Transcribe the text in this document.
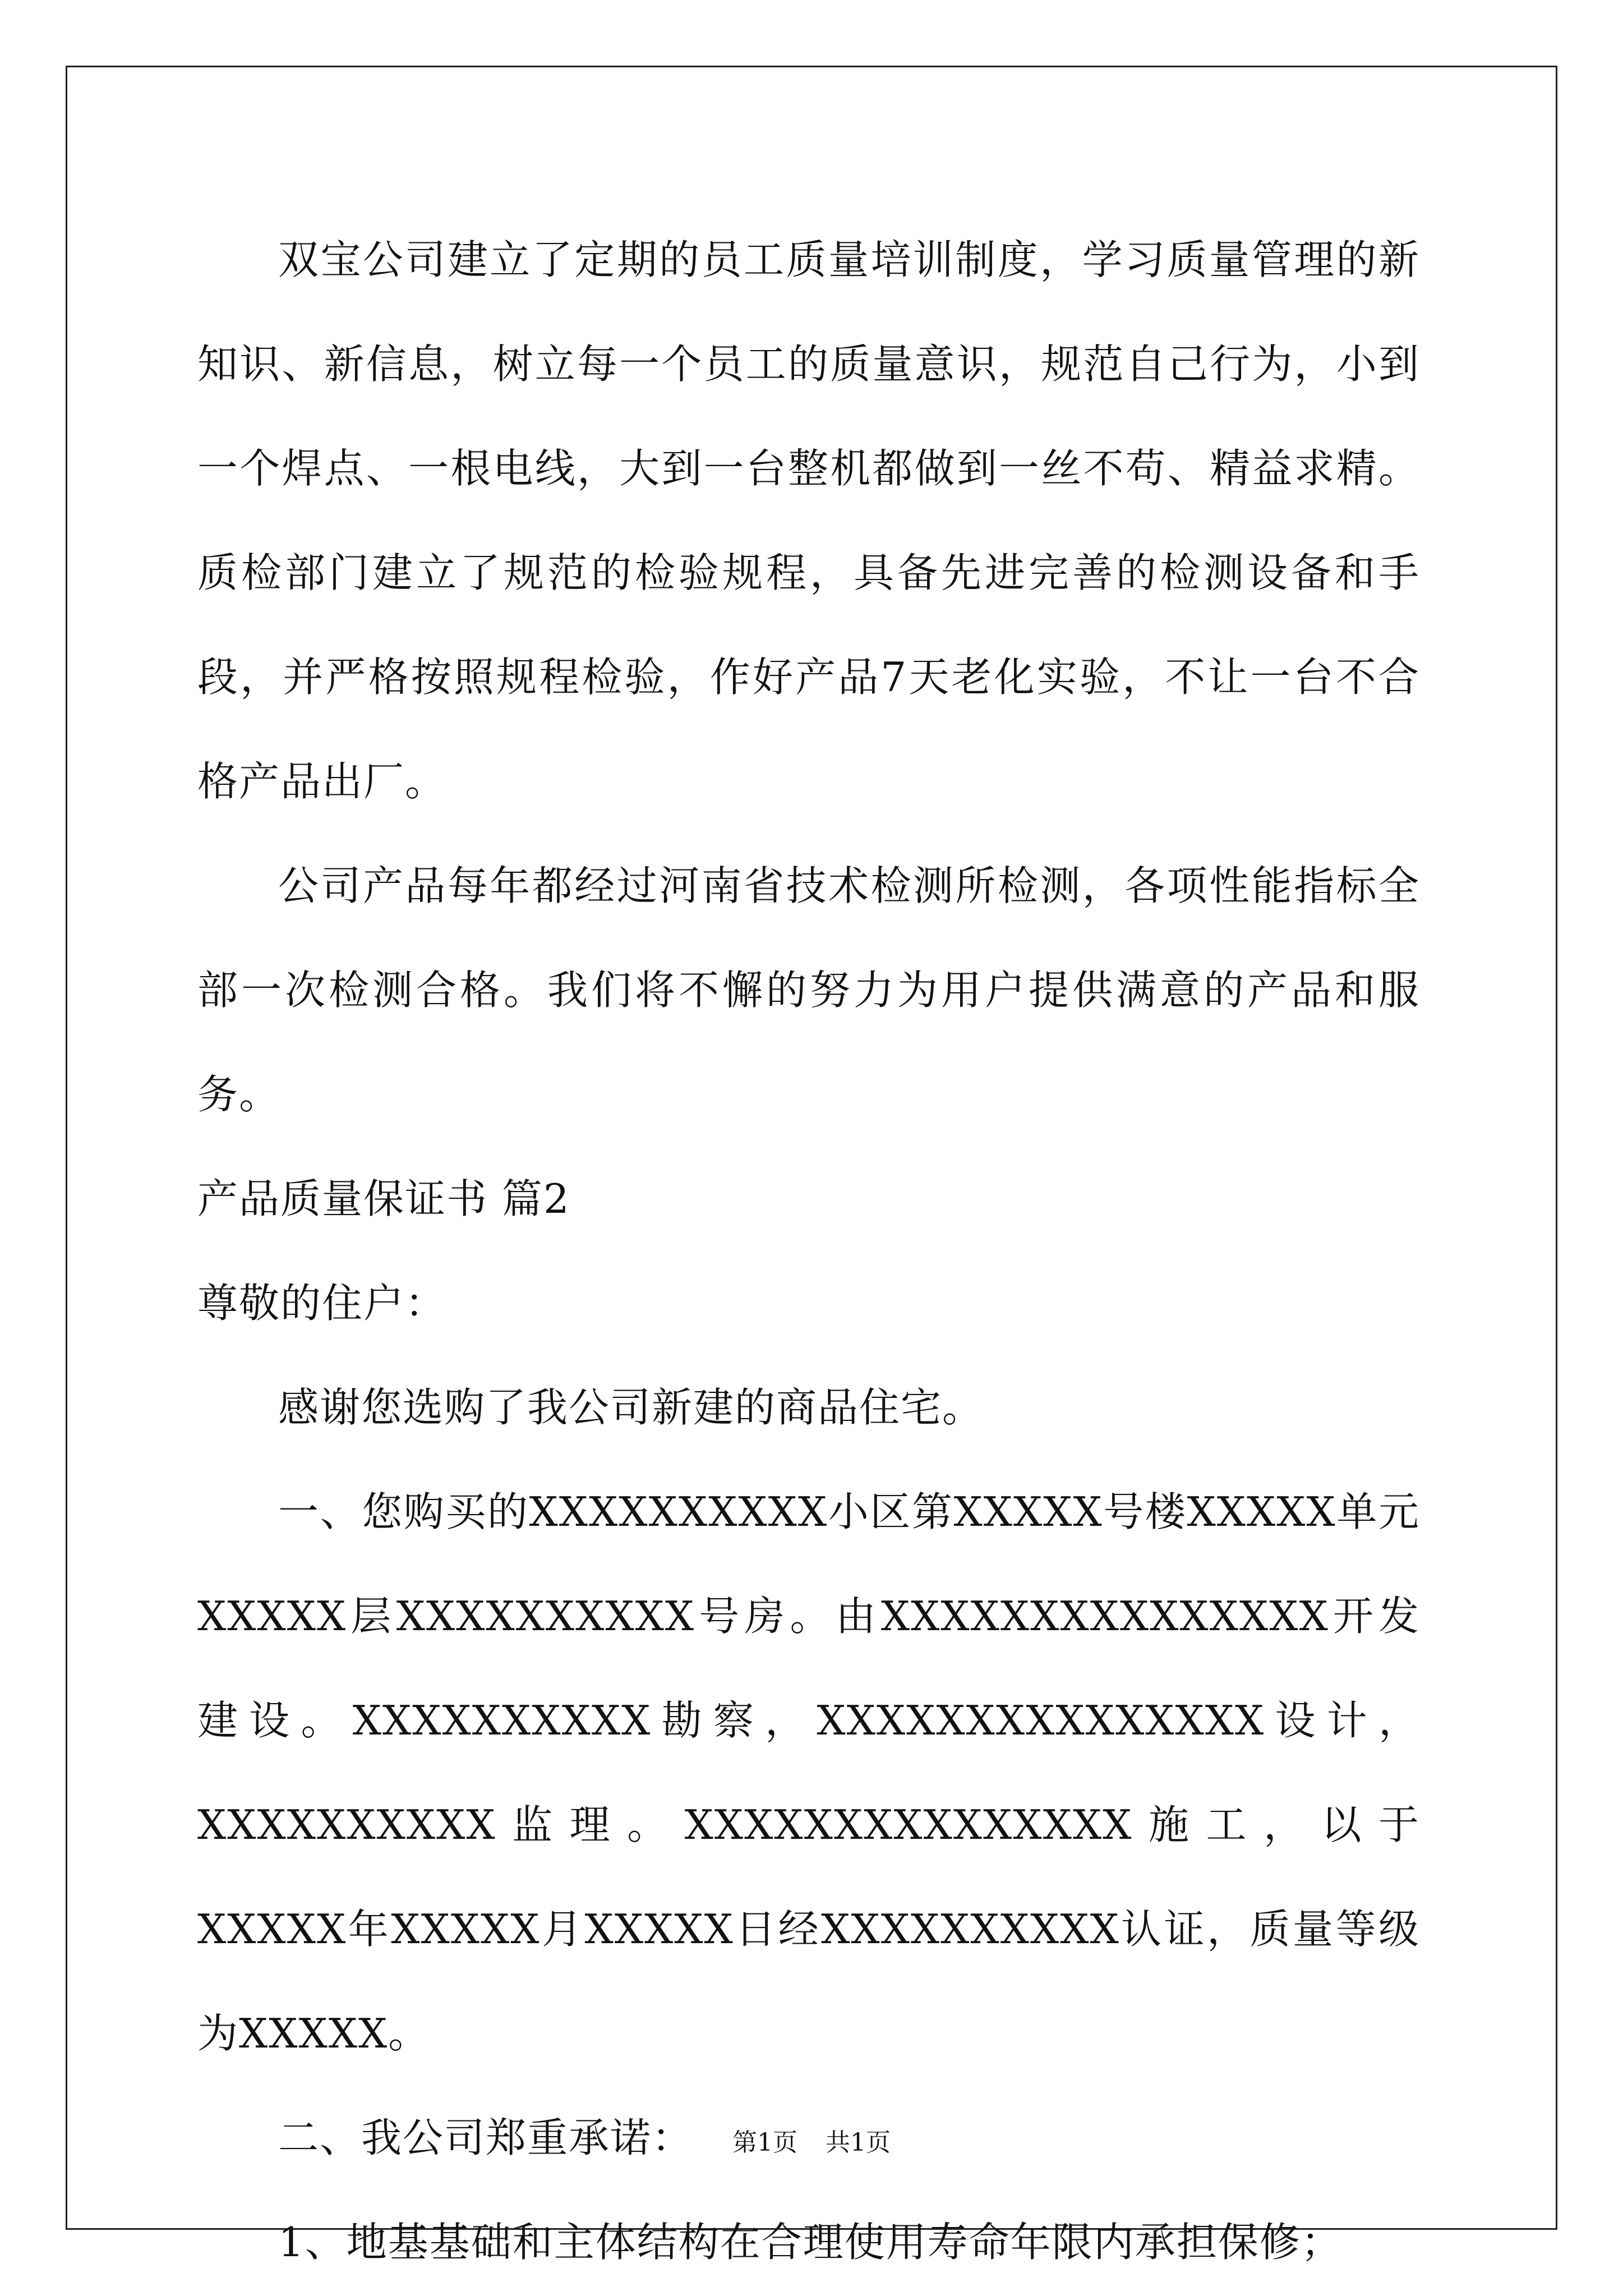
双宝公司建立了定期的员工质量培训制度，学习质量管理的新知识、新信息，树立每一个员工的质量意识，规范自己行为，小到一个焊点、一根电线，大到一台整机都做到一丝不苟、精益求精。质检部门建立了规范的检验规程，具备先进完善的检测设备和手段，并严格按照规程检验，作好产品7天老化实验，不让一台不合格产品出厂。

公司产品每年都经过河南省技术检测所检测，各项性能指标全部一次检测合格。我们将不懈的努力为用户提供满意的产品和服务。

产品质量保证书 篇2

尊敬的住户：

感谢您选购了我公司新建的商品住宅。

一、您购买的XXXXXXXXXX小区第XXXXX号楼XXXXX单元XXXXX层XXXXXXXXXX号房。由XXXXXXXXXXXXXXX开发建设。XXXXXXXXXX勘察，XXXXXXXXXXXXXXX设计，XXXXXXXXXX监理。XXXXXXXXXXXXXXX施工，以于XXXXX年XXXXX月XXXXX日经XXXXXXXXXX认证，质量等级为XXXXX。

二、我公司郑重承诺：

1、地基基础和主体结构在合理使用寿命年限内承担保修；

第1页 共1页
